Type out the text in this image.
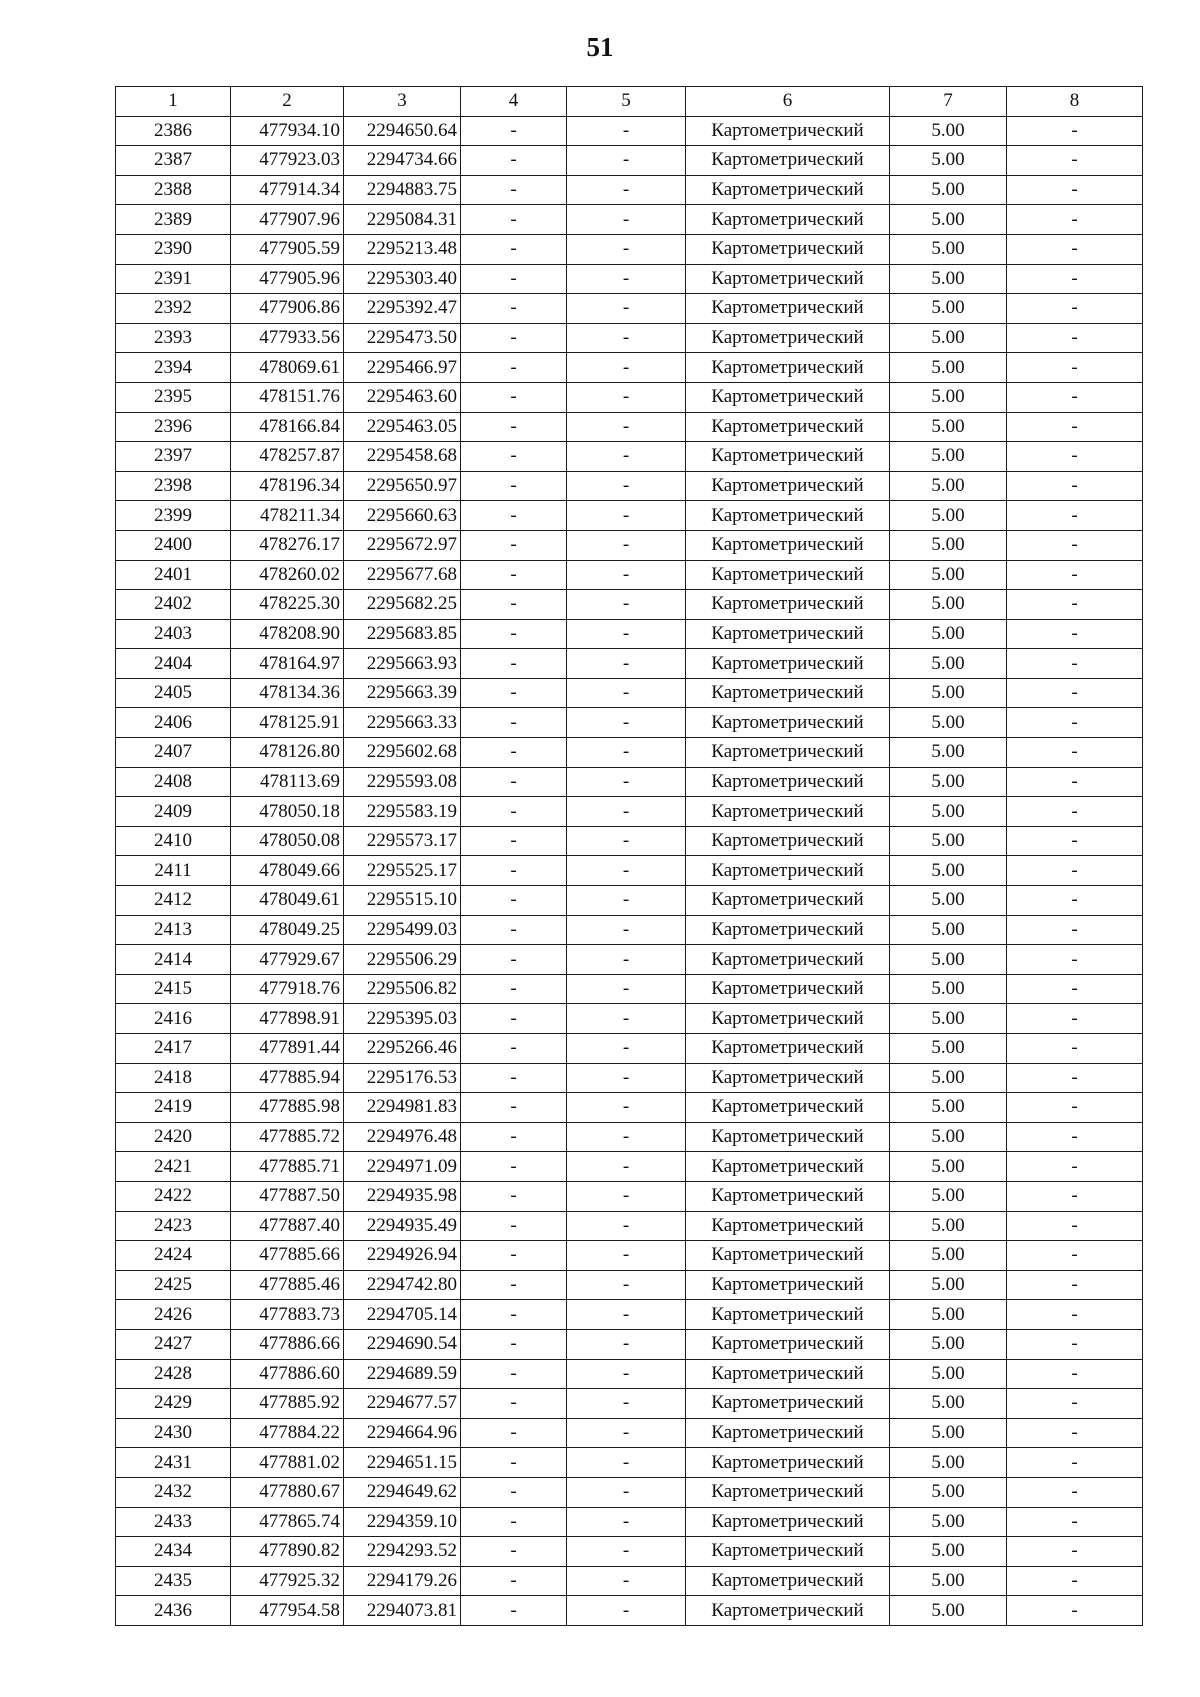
51
1	2	3	4	5	6	7	8
2386	477934.10	2294650.64	-	-	Картометрический	5.00	-
2387	477923.03	2294734.66	-	-	Картометрический	5.00	-
2388	477914.34	2294883.75	-	-	Картометрический	5.00	-
2389	477907.96	2295084.31	-	-	Картометрический	5.00	-
2390	477905.59	2295213.48	-	-	Картометрический	5.00	-
2391	477905.96	2295303.40	-	-	Картометрический	5.00	-
2392	477906.86	2295392.47	-	-	Картометрический	5.00	-
2393	477933.56	2295473.50	-	-	Картометрический	5.00	-
2394	478069.61	2295466.97	-	-	Картометрический	5.00	-
2395	478151.76	2295463.60	-	-	Картометрический	5.00	-
2396	478166.84	2295463.05	-	-	Картометрический	5.00	-
2397	478257.87	2295458.68	-	-	Картометрический	5.00	-
2398	478196.34	2295650.97	-	-	Картометрический	5.00	-
2399	478211.34	2295660.63	-	-	Картометрический	5.00	-
2400	478276.17	2295672.97	-	-	Картометрический	5.00	-
2401	478260.02	2295677.68	-	-	Картометрический	5.00	-
2402	478225.30	2295682.25	-	-	Картометрический	5.00	-
2403	478208.90	2295683.85	-	-	Картометрический	5.00	-
2404	478164.97	2295663.93	-	-	Картометрический	5.00	-
2405	478134.36	2295663.39	-	-	Картометрический	5.00	-
2406	478125.91	2295663.33	-	-	Картометрический	5.00	-
2407	478126.80	2295602.68	-	-	Картометрический	5.00	-
2408	478113.69	2295593.08	-	-	Картометрический	5.00	-
2409	478050.18	2295583.19	-	-	Картометрический	5.00	-
2410	478050.08	2295573.17	-	-	Картометрический	5.00	-
2411	478049.66	2295525.17	-	-	Картометрический	5.00	-
2412	478049.61	2295515.10	-	-	Картометрический	5.00	-
2413	478049.25	2295499.03	-	-	Картометрический	5.00	-
2414	477929.67	2295506.29	-	-	Картометрический	5.00	-
2415	477918.76	2295506.82	-	-	Картометрический	5.00	-
2416	477898.91	2295395.03	-	-	Картометрический	5.00	-
2417	477891.44	2295266.46	-	-	Картометрический	5.00	-
2418	477885.94	2295176.53	-	-	Картометрический	5.00	-
2419	477885.98	2294981.83	-	-	Картометрический	5.00	-
2420	477885.72	2294976.48	-	-	Картометрический	5.00	-
2421	477885.71	2294971.09	-	-	Картометрический	5.00	-
2422	477887.50	2294935.98	-	-	Картометрический	5.00	-
2423	477887.40	2294935.49	-	-	Картометрический	5.00	-
2424	477885.66	2294926.94	-	-	Картометрический	5.00	-
2425	477885.46	2294742.80	-	-	Картометрический	5.00	-
2426	477883.73	2294705.14	-	-	Картометрический	5.00	-
2427	477886.66	2294690.54	-	-	Картометрический	5.00	-
2428	477886.60	2294689.59	-	-	Картометрический	5.00	-
2429	477885.92	2294677.57	-	-	Картометрический	5.00	-
2430	477884.22	2294664.96	-	-	Картометрический	5.00	-
2431	477881.02	2294651.15	-	-	Картометрический	5.00	-
2432	477880.67	2294649.62	-	-	Картометрический	5.00	-
2433	477865.74	2294359.10	-	-	Картометрический	5.00	-
2434	477890.82	2294293.52	-	-	Картометрический	5.00	-
2435	477925.32	2294179.26	-	-	Картометрический	5.00	-
2436	477954.58	2294073.81	-	-	Картометрический	5.00	-
